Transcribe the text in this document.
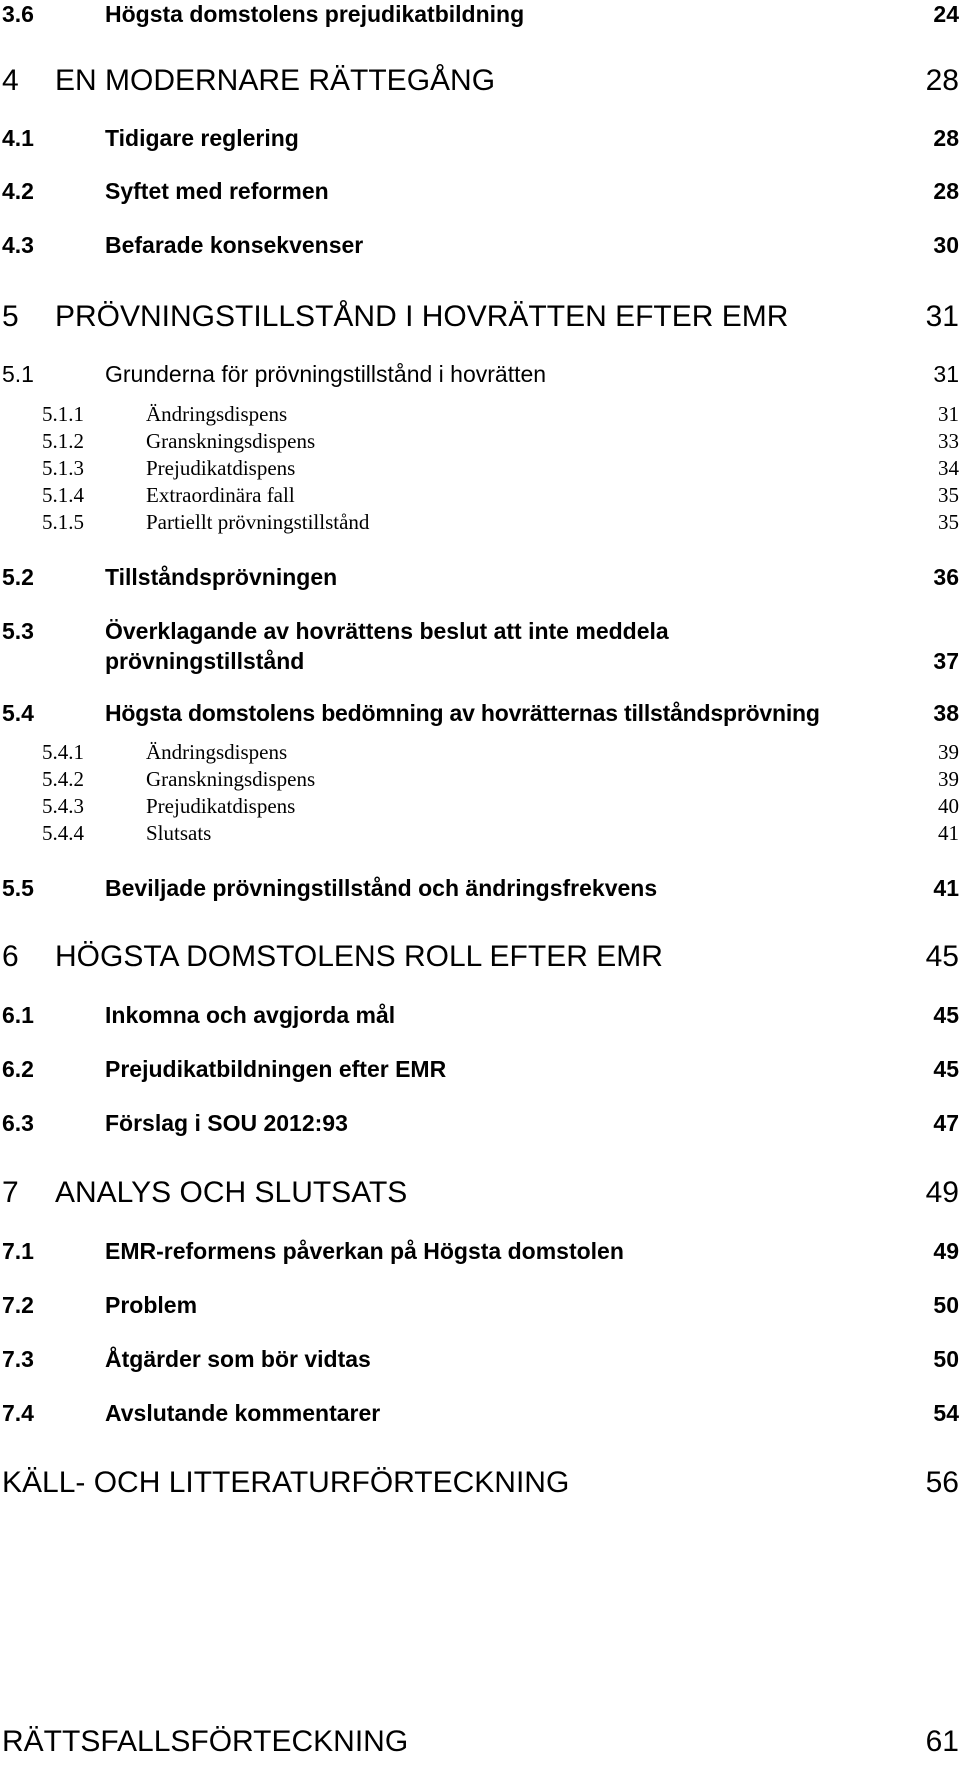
3.6	Högsta domstolens prejudikatbildning	24
4 EN MODERNARE RÄTTEGÅNG	28
4.1	Tidigare reglering	28
4.2	Syftet med reformen	28
4.3	Befarade konsekvenser	30
5 PRÖVNINGSTILLSTÅND I HOVRÄTTEN EFTER EMR	31
5.1	Grunderna för prövningstillstånd i hovrätten	31
5.1.1	Ändringsdispens	31
5.1.2	Granskningsdispens	33
5.1.3	Prejudikatdispens	34
5.1.4	Extraordinära fall	35
5.1.5	Partiellt prövningstillstånd	35
5.2	Tillståndsprövningen	36
5.3	Överklagande av hovrättens beslut att inte meddela
prövningstillstånd	37
5.4	Högsta domstolens bedömning av hovrätternas tillståndsprövning	38
5.4.1	Ändringsdispens	39
5.4.2	Granskningsdispens	39
5.4.3	Prejudikatdispens	40
5.4.4	Slutsats	41
5.5	Beviljade prövningstillstånd och ändringsfrekvens	41
6 HÖGSTA DOMSTOLENS ROLL EFTER EMR	45
6.1	Inkomna och avgjorda mål	45
6.2	Prejudikatbildningen efter EMR	45
6.3	Förslag i SOU 2012:93	47
7 ANALYS OCH SLUTSATS	49
7.1	EMR-reformens påverkan på Högsta domstolen	49
7.2	Problem	50
7.3	Åtgärder som bör vidtas	50
7.4	Avslutande kommentarer	54
KÄLL- OCH LITTERATURFÖRTECKNING	56
RÄTTSFALLSFÖRTECKNING	61
